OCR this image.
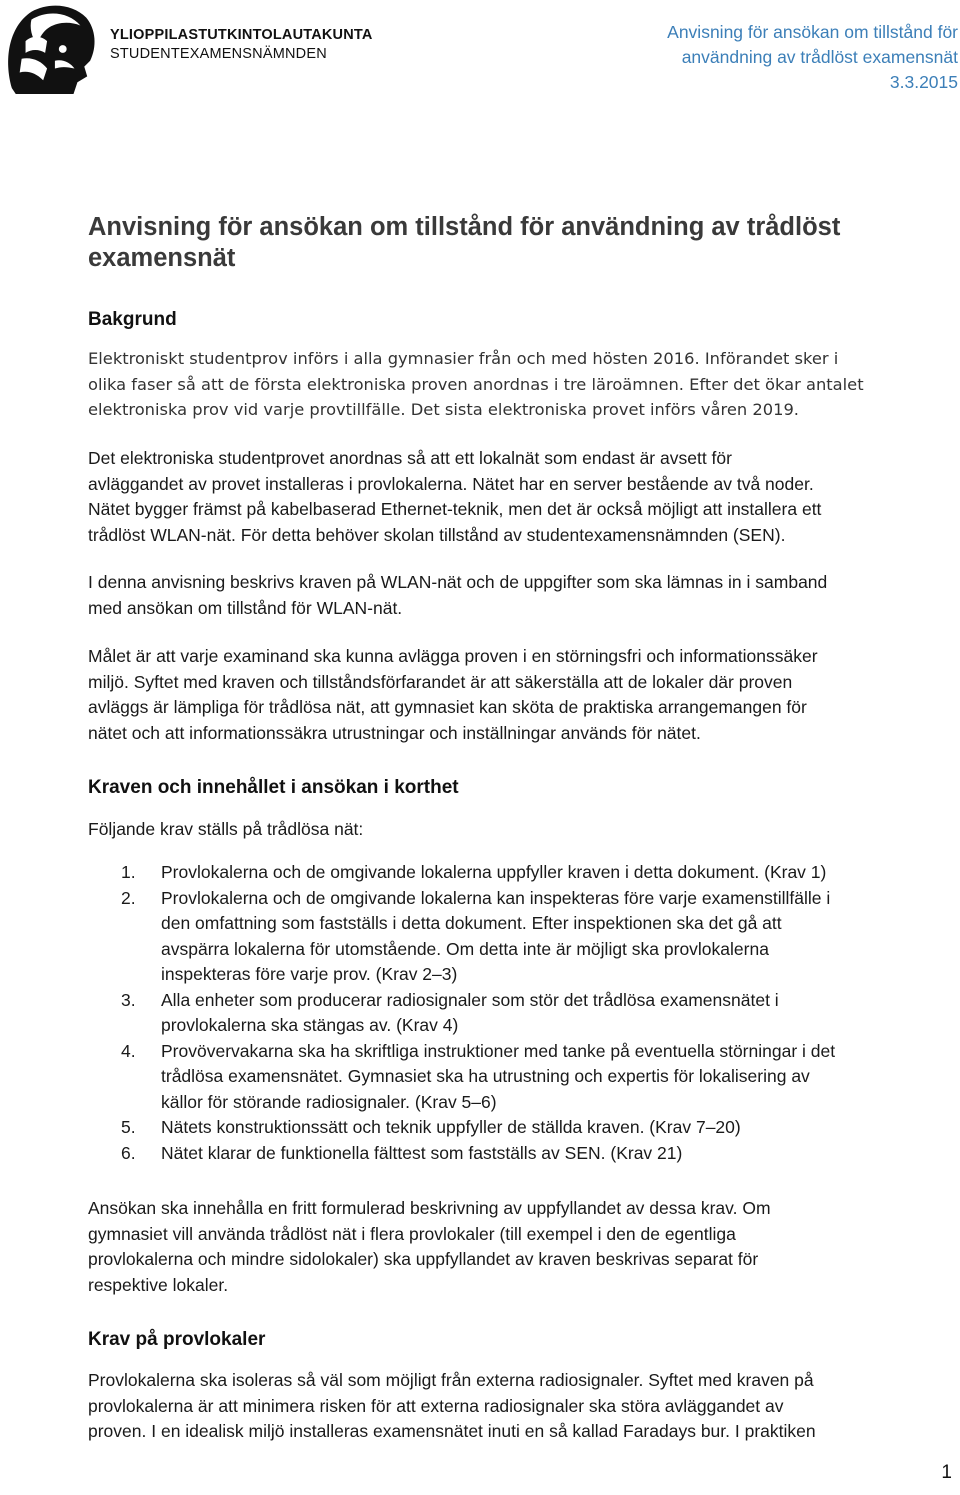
YLIOPPILASTUTKINTOLAUTAKUNTA
STUDENTEXAMENSNÄMNDEN
Anvisning för ansökan om tillstånd för
användning av trådlöst examensnät
3.3.2015
Anvisning för ansökan om tillstånd för användning av trådlöst
examensnät
Bakgrund
Elektroniskt studentprov införs i alla gymnasier från och med hösten 2016. Införandet sker i
olika faser så att de första elektroniska proven anordnas i tre läroämnen. Efter det ökar antalet
elektroniska prov vid varje provtillfälle. Det sista elektroniska provet införs våren 2019.
Det elektroniska studentprovet anordnas så att ett lokalnät som endast är avsett för
avläggandet av provet installeras i provlokalerna. Nätet har en server bestående av två noder.
Nätet bygger främst på kabelbaserad Ethernet-teknik, men det är också möjligt att installera ett
trådlöst WLAN-nät. För detta behöver skolan tillstånd av studentexamensnämnden (SEN).
I denna anvisning beskrivs kraven på WLAN-nät och de uppgifter som ska lämnas in i samband
med ansökan om tillstånd för WLAN-nät.
Målet är att varje examinand ska kunna avlägga proven i en störningsfri och informationssäker
miljö. Syftet med kraven och tillståndsförfarandet är att säkerställa att de lokaler där proven
avläggs är lämpliga för trådlösa nät, att gymnasiet kan sköta de praktiska arrangemangen för
nätet och att informationssäkra utrustningar och inställningar används för nätet.
Kraven och innehållet i ansökan i korthet
Följande krav ställs på trådlösa nät:
1. Provlokalerna och de omgivande lokalerna uppfyller kraven i detta dokument. (Krav 1)
2. Provlokalerna och de omgivande lokalerna kan inspekteras före varje examenstillfälle i
den omfattning som fastställs i detta dokument. Efter inspektionen ska det gå att
avspärra lokalerna för utomstående. Om detta inte är möjligt ska provlokalerna
inspekteras före varje prov. (Krav 2–3)
3. Alla enheter som producerar radiosignaler som stör det trådlösa examensnätet i
provlokalerna ska stängas av. (Krav 4)
4. Provövervakarna ska ha skriftliga instruktioner med tanke på eventuella störningar i det
trådlösa examensnätet. Gymnasiet ska ha utrustning och expertis för lokalisering av
källor för störande radiosignaler. (Krav 5–6)
5. Nätets konstruktionssätt och teknik uppfyller de ställda kraven. (Krav 7–20)
6. Nätet klarar de funktionella fälttest som fastställs av SEN. (Krav 21)
Ansökan ska innehålla en fritt formulerad beskrivning av uppfyllandet av dessa krav. Om
gymnasiet vill använda trådlöst nät i flera provlokaler (till exempel i den de egentliga
provlokalerna och mindre sidolokaler) ska uppfyllandet av kraven beskrivas separat för
respektive lokaler.
Krav på provlokaler
Provlokalerna ska isoleras så väl som möjligt från externa radiosignaler. Syftet med kraven på
provlokalerna är att minimera risken för att externa radiosignaler ska störa avläggandet av
proven. I en idealisk miljö installeras examensnätet inuti en så kallad Faradays bur. I praktiken
1
